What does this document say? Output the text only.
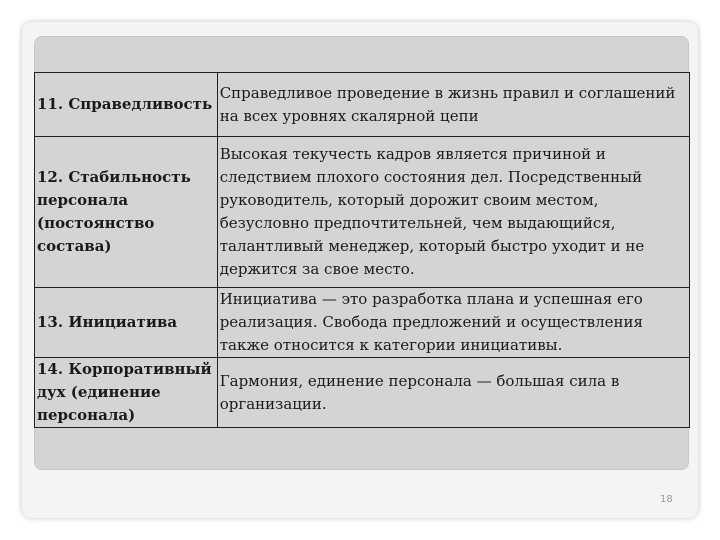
11. Справедливость	Справедливое проведение в жизнь правил и соглашений на всех уровнях скалярной цепи
12. Стабильность персонала (постоянство состава)	Высокая текучесть кадров является причиной и следствием плохого состояния дел. Посредственный руководитель, который дорожит своим местом, безусловно предпочтительней, чем выдающийся, талантливый менеджер, который быстро уходит и не держится за свое место.
13. Инициатива	Инициатива — это разработка плана и успешная его реализация. Свобода предложений и осуществления также относится к категории инициативы.
14. Корпоративный дух (единение персонала)	Гармония, единение персонала — большая сила в организации.
18
